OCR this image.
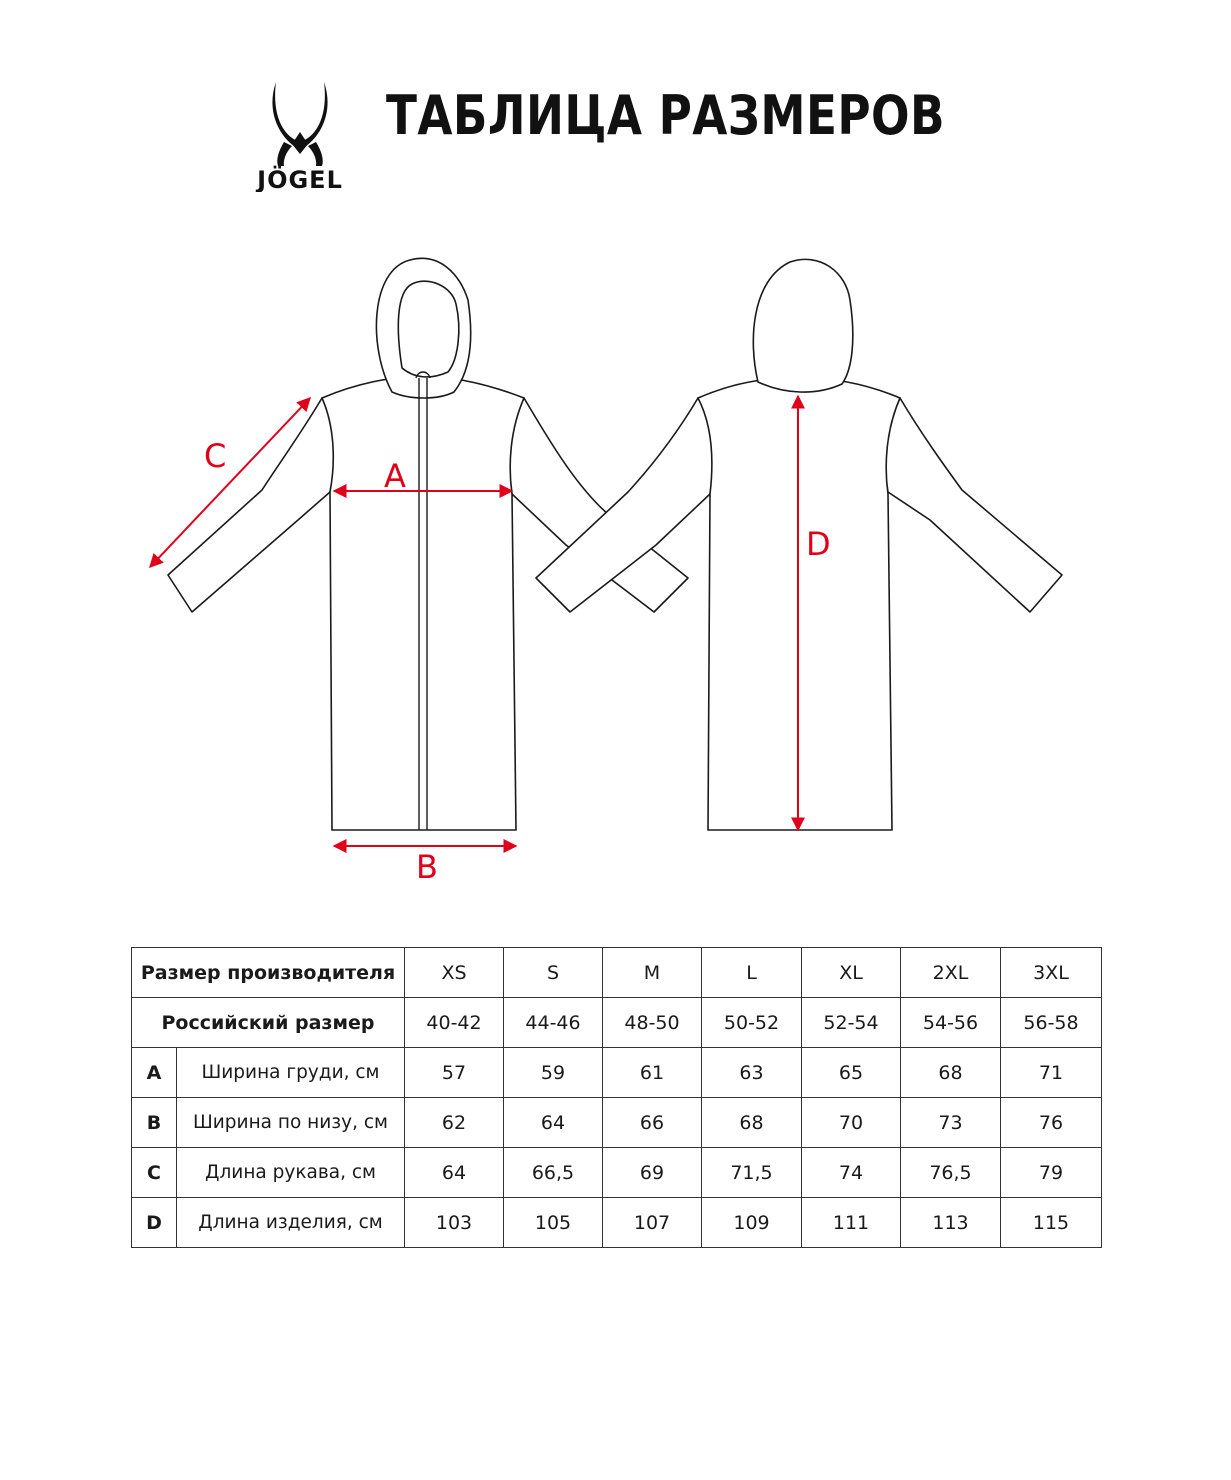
JÖGEL
ТАБЛИЦА РАЗМЕРОВ
A
B
C
D
Размер производителя		XS	S	M	L	XL	2XL	3XL
Российский размер		40-42	44-46	48-50	50-52	52-54	54-56	56-58
A	Ширина груди, см	57	59	61	63	65	68	71
B	Ширина по низу, см	62	64	66	68	70	73	76
C	Длина рукава, см	64	66,5	69	71,5	74	76,5	79
D	Длина изделия, см	103	105	107	109	111	113	115
